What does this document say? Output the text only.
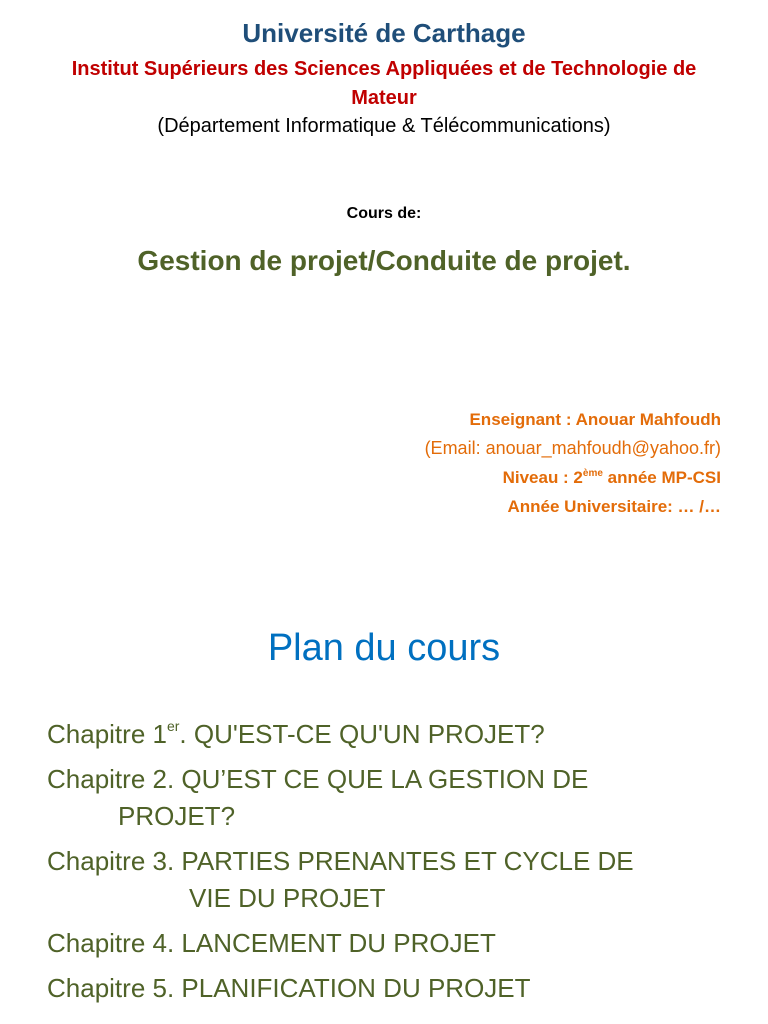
Université de Carthage
Institut Supérieurs des Sciences Appliquées et de Technologie de
Mateur
(Département Informatique & Télécommunications)
Cours de:
Gestion de projet/Conduite de projet.
Enseignant : Anouar Mahfoudh
(Email: anouar_mahfoudh@yahoo.fr)
Niveau : 2ème année MP-CSI
Année Universitaire: … /…
Plan du cours
Chapitre 1er. QU'EST-CE QU'UN PROJET?
Chapitre 2. QU’EST CE QUE LA GESTION DE
PROJET?
Chapitre 3. PARTIES PRENANTES ET CYCLE DE
VIE DU PROJET
Chapitre 4. LANCEMENT DU PROJET
Chapitre 5. PLANIFICATION DU PROJET
